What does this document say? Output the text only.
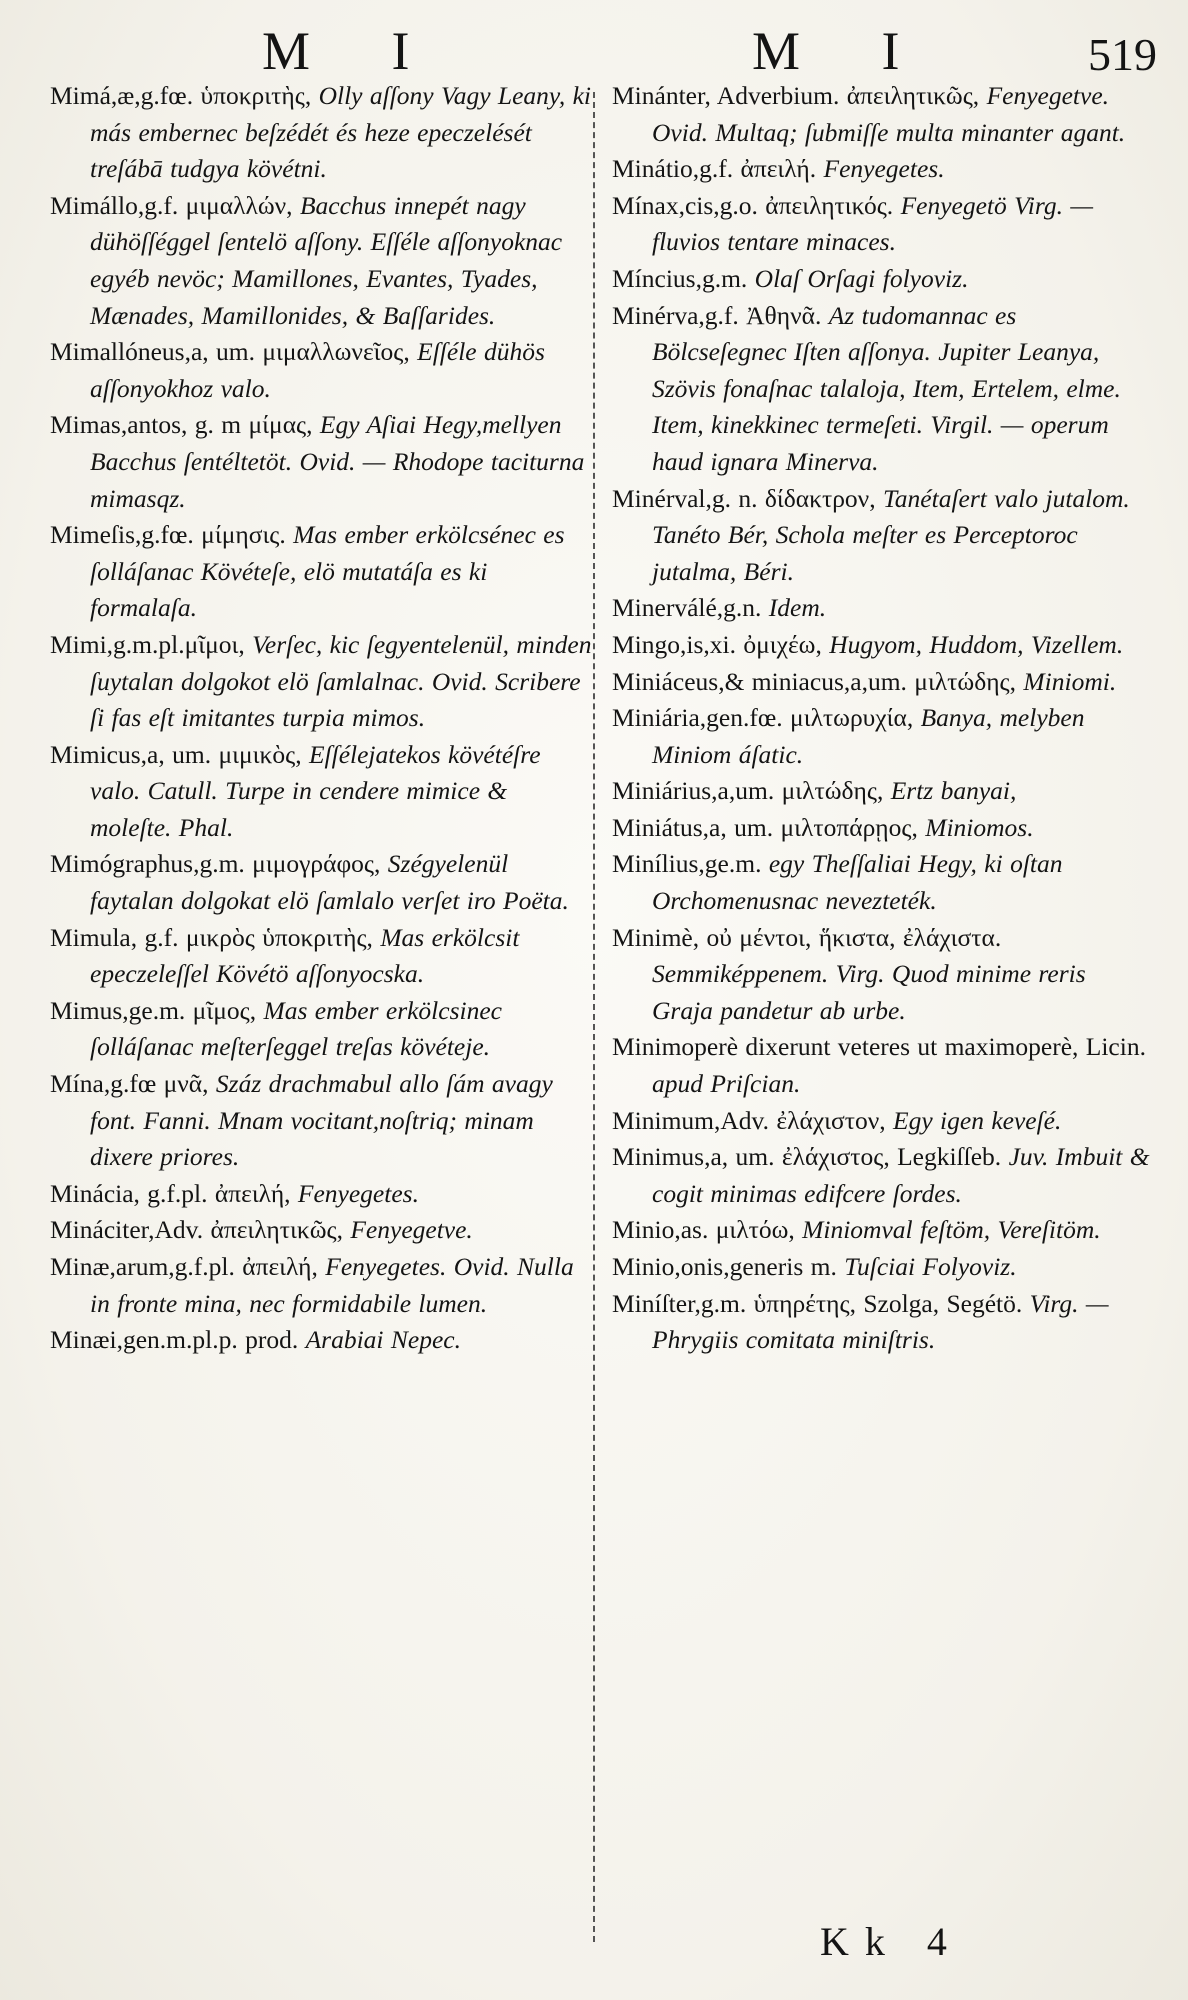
M I	M I	519

Mimá,æ,g.fœ. ὑποκριτὴς, Olly aſſony Vagy Leany, ki más embernec beſzédét és heze epeczelését treſábā tudgya kövétni.

Mimállo,g.f. μιμαλλών, Bacchus innepét nagy dühöſſéggel ſentelö aſſony. Eſſéle aſſonyoknac egyéb nevöc; Mamillones, Evantes, Tyades, Mænades, Mamillonides, & Baſſarides.

Mimallóneus,a, um. μιμαλλωνεῖος, Eſſéle dühös aſſonyokhoz valo.

Mimas,antos, g. m μίμας, Egy Aſiai Hegy,mellyen Bacchus ſentéltetöt. Ovid. — Rhodope taciturna mimasqz.

Mimeſis,g.fœ. μίμησις. Mas ember erkölcsénec es ſolláſanac Kövéteſe, elö mutatáſa es ki formalaſa.

Mimi,g.m.pl.μῖμοι, Verſec, kic ſegyentelenül, minden ſuytalan dolgokot elö ſamlalnac. Ovid. Scribere ſi fas eſt imitantes turpia mimos.

Mimicus,a, um. μιμικὸς, Eſſélejatekos kövétéſre valo. Catull. Turpe in cendere mimice & moleſte. Phal.

Mimógraphus,g.m. μιμογράφος, Szégyelenül faytalan dolgokat elö ſamlalo verſet iro Poëta.

Mimula, g.f. μικρὸς ὑποκριτὴς, Mas erkölcsit epeczeleſſel Kövétö aſſonyocska.

Mimus,ge.m. μῖμος, Mas ember erkölcsinec ſolláſanac meſterſeggel treſas kövéteje.

Mína,g.fœ μνᾶ, Száz drachmabul allo ſám avagy font. Fanni. Mnam vocitant,noſtriq; minam dixere priores.

Minácia, g.f.pl. ἀπειλή, Fenyegetes.

Mináciter,Adv. ἀπειλητικῶς, Fenyegetve.

Minæ,arum,g.f.pl. ἀπειλή, Fenyegetes. Ovid. Nulla in fronte mina, nec formidabile lumen.

Minæi,gen.m.pl.p. prod. Arabiai Nepec.

Minánter, Adverbium. ἀπειλητικῶς, Fenyegetve. Ovid. Multaq; ſubmiſſe multa minanter agant.

Minátio,g.f. ἀπειλή. Fenyegetes.

Mínax,cis,g.o. ἀπειλητικός. Fenyegetö Virg. — fluvios tentare minaces.

Míncius,g.m. Olaſ Orſagi folyoviz.

Minérva,g.f. Ἀθηνᾶ. Az tudomannac es Bölcseſegnec Iſten aſſonya. Jupiter Leanya, Szövis fonaſnac talaloja, Item, Ertelem, elme. Item, kinekkinec termeſeti. Virgil. — operum haud ignara Minerva.

Minérval,g. n. δίδακτρον, Tanétaſert valo jutalom. Tanéto Bér, Schola meſter es Perceptoroc jutalma, Béri.

Minerválé,g.n. Idem.

Mingo,is,xi. ὀμιχέω, Hugyom, Huddom, Vizellem.

Miniáceus,& miniacus,a,um. μιλτώδης, Miniomi.

Miniária,gen.fœ. μιλτωρυχία, Banya, melyben Miniom áſatic.

Miniárius,a,um. μιλτώδης, Ertz banyai,

Miniátus,a, um. μιλτοπάρῃος, Miniomos.

Minílius,ge.m. egy Theſſaliai Hegy, ki oſtan Orchomenusnac nevezteték.

Minimè, οὐ μέντοι, ἥκιστα, ἐλάχιστα. Semmiképpenem. Virg. Quod minime reris Graja pandetur ab urbe.

Minimoperè dixerunt veteres ut maximoperè, Licin. apud Priſcian.

Minimum,Adv. ἐλάχιστον, Egy igen keveſé.

Minimus,a, um. ἐλάχιστος, Legkiſſeb. Juv. Imbuit & cogit minimas edifcere ſordes.

Minio,as. μιλτόω, Miniomval feſtöm, Vereſitöm.

Minio,onis,generis m. Tuſciai Folyoviz.

Miníſter,g.m. ὑπηρέτης, Szolga, Segétö. Virg. — Phrygiis comitata miniſtris.

Kk 4
